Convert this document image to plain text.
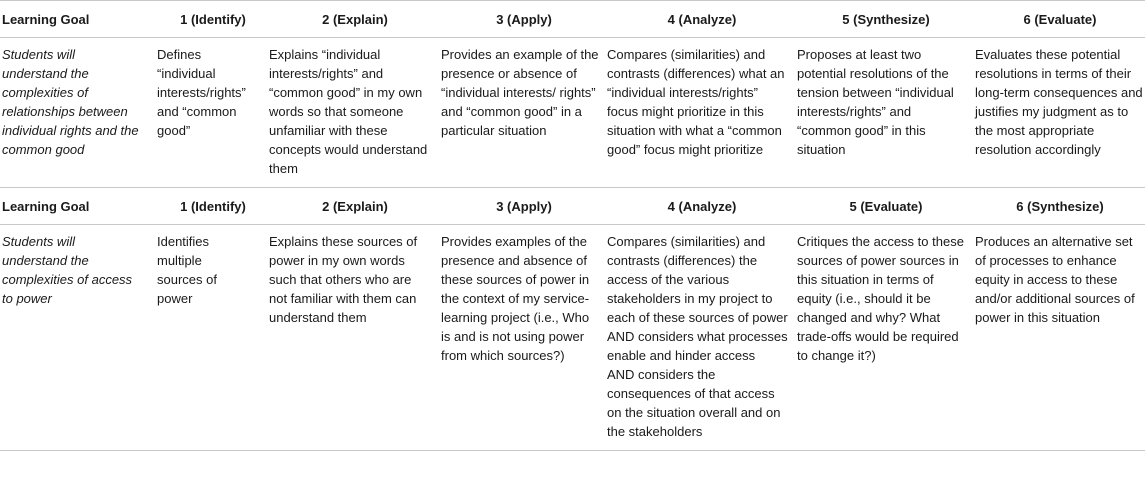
Learning Goal	1 (Identify)	2 (Explain)	3 (Apply)	4 (Analyze)	5 (Synthesize)	6 (Evaluate)

Students will understand the complexities of relationships between individual rights and the common good	Defines “individual interests/rights” and “common good”	Explains “individual interests/rights” and “common good” in my own words so that someone unfamiliar with these concepts would understand them	Provides an example of the presence or absence of “individual interests/ rights” and “common good” in a particular situation	Compares (similarities) and contrasts (differences) what an “individual interests/rights” focus might prioritize in this situation with what a “common good” focus might prioritize	Proposes at least two potential resolutions of the tension between “individual interests/rights” and “common good” in this situation	Evaluates these potential resolutions in terms of their long-term consequences and justifies my judgment as to the most appropriate resolution accordingly

Learning Goal	1 (Identify)	2 (Explain)	3 (Apply)	4 (Analyze)	5 (Evaluate)	6 (Synthesize)

Students will understand the complexities of access to power	Identifies multiple sources of power	Explains these sources of power in my own words such that others who are not familiar with them can understand them	Provides examples of the presence and absence of these sources of power in the context of my service-learning project (i.e., Who is and is not using power from which sources?)	Compares (similarities) and contrasts (differences) the access of the various stakeholders in my project to each of these sources of power
AND considers what processes enable and hinder access
AND considers the consequences of that access on the situation overall and on the stakeholders	Critiques the access to these sources of power sources in this situation in terms of equity (i.e., should it be changed and why? What trade-offs would be required to change it?)	Produces an alternative set of processes to enhance equity in access to these and/or additional sources of power in this situation
